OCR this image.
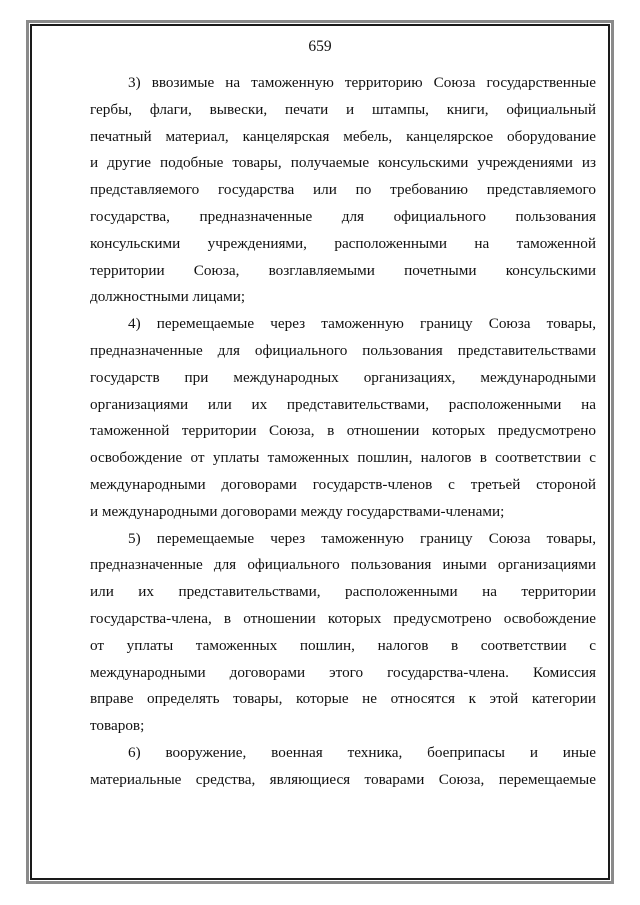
659
3) ввозимые на таможенную территорию Союза государственные
гербы, флаги, вывески, печати и штампы, книги, официальный
печатный материал, канцелярская мебель, канцелярское оборудование
и другие подобные товары, получаемые консульскими учреждениями из
представляемого государства или по требованию представляемого
государства, предназначенные для официального пользования
консульскими учреждениями, расположенными на таможенной
территории Союза, возглавляемыми почетными консульскими
должностными лицами;
4) перемещаемые через таможенную границу Союза товары,
предназначенные для официального пользования представительствами
государств при международных организациях, международными
организациями или их представительствами, расположенными на
таможенной территории Союза, в отношении которых предусмотрено
освобождение от уплаты таможенных пошлин, налогов в соответствии с
международными договорами государств-членов с третьей стороной
и международными договорами между государствами-членами;
5) перемещаемые через таможенную границу Союза товары,
предназначенные для официального пользования иными организациями
или их представительствами, расположенными на территории
государства-члена, в отношении которых предусмотрено освобождение
от уплаты таможенных пошлин, налогов в соответствии с
международными договорами этого государства-члена. Комиссия
вправе определять товары, которые не относятся к этой категории
товаров;
6) вооружение, военная техника, боеприпасы и иные
материальные средства, являющиеся товарами Союза, перемещаемые
